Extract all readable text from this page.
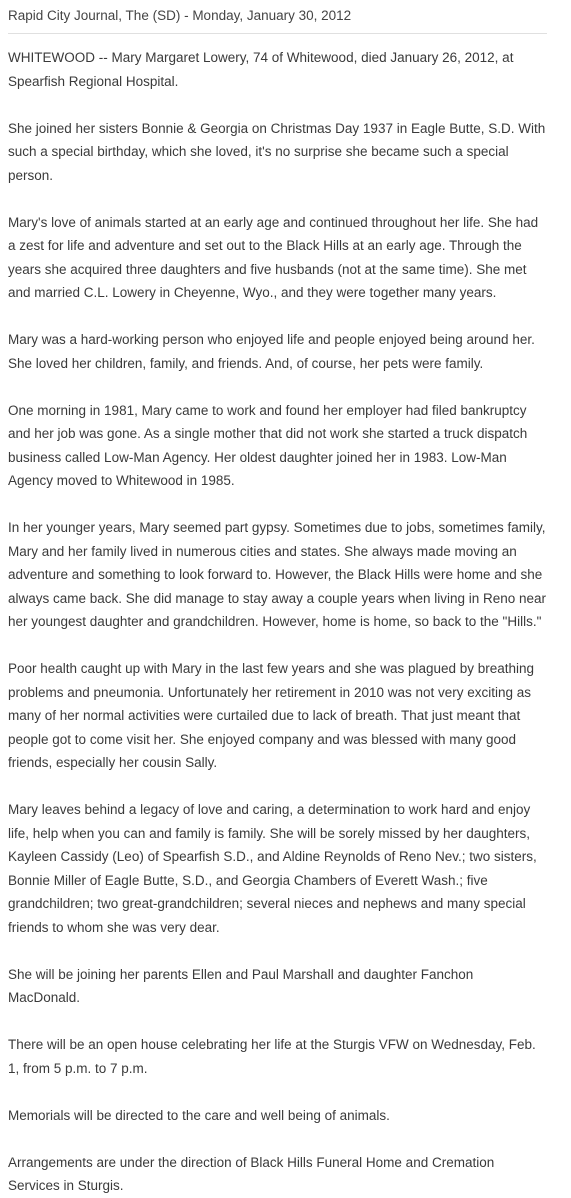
Rapid City Journal, The (SD) - Monday, January 30, 2012

WHITEWOOD -- Mary Margaret Lowery, 74 of Whitewood, died January 26, 2012, at Spearfish Regional Hospital.

She joined her sisters Bonnie & Georgia on Christmas Day 1937 in Eagle Butte, S.D. With such a special birthday, which she loved, it's no surprise she became such a special person.

Mary's love of animals started at an early age and continued throughout her life. She had a zest for life and adventure and set out to the Black Hills at an early age. Through the years she acquired three daughters and five husbands (not at the same time). She met and married C.L. Lowery in Cheyenne, Wyo., and they were together many years.

Mary was a hard-working person who enjoyed life and people enjoyed being around her. She loved her children, family, and friends. And, of course, her pets were family.

One morning in 1981, Mary came to work and found her employer had filed bankruptcy and her job was gone. As a single mother that did not work she started a truck dispatch business called Low-Man Agency. Her oldest daughter joined her in 1983. Low-Man Agency moved to Whitewood in 1985.

In her younger years, Mary seemed part gypsy. Sometimes due to jobs, sometimes family, Mary and her family lived in numerous cities and states. She always made moving an adventure and something to look forward to. However, the Black Hills were home and she always came back. She did manage to stay away a couple years when living in Reno near her youngest daughter and grandchildren. However, home is home, so back to the "Hills."

Poor health caught up with Mary in the last few years and she was plagued by breathing problems and pneumonia. Unfortunately her retirement in 2010 was not very exciting as many of her normal activities were curtailed due to lack of breath. That just meant that people got to come visit her. She enjoyed company and was blessed with many good friends, especially her cousin Sally.

Mary leaves behind a legacy of love and caring, a determination to work hard and enjoy life, help when you can and family is family. She will be sorely missed by her daughters, Kayleen Cassidy (Leo) of Spearfish S.D., and Aldine Reynolds of Reno Nev.; two sisters, Bonnie Miller of Eagle Butte, S.D., and Georgia Chambers of Everett Wash.; five grandchildren; two great-grandchildren; several nieces and nephews and many special friends to whom she was very dear.

She will be joining her parents Ellen and Paul Marshall and daughter Fanchon MacDonald.

There will be an open house celebrating her life at the Sturgis VFW on Wednesday, Feb. 1, from 5 p.m. to 7 p.m.

Memorials will be directed to the care and well being of animals.

Arrangements are under the direction of Black Hills Funeral Home and Cremation Services in Sturgis.
